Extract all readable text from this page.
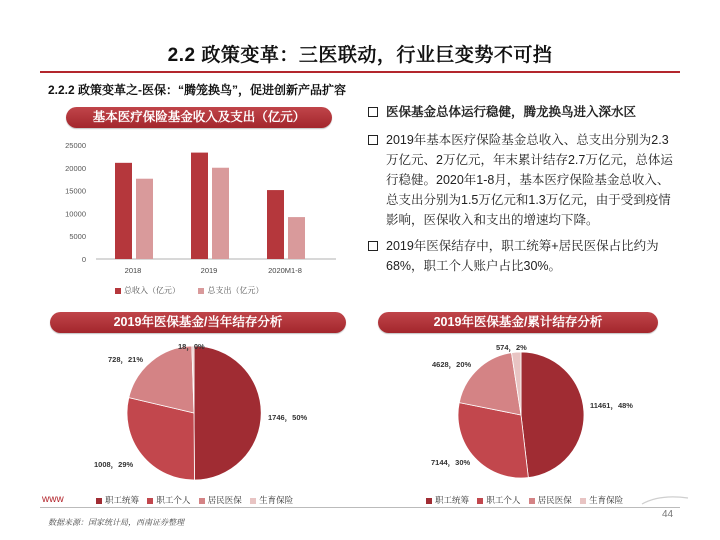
2.2 政策变革：三医联动，行业巨变势不可挡
2.2.2 政策变革之-医保：“腾笼换鸟”，促进创新产品扩容
基本医疗保险基金收入及支出（亿元）
25000
20000
15000
10000
5000
0
2018	2019	2020M1-8
总收入（亿元）	总支出（亿元）
医保基金总体运行稳健，腾龙换鸟进入深水区
2019年基本医疗保险基金总收入、总支出分别为2.3万亿元、2万亿元，年末累计结存2.7万亿元，总体运行稳健。2020年1-8月，基本医疗保险基金总收入、总支出分别为1.5万亿元和1.3万亿元，由于受到疫情影响，医保收入和支出的增速均下降。
2019年医保结存中，职工统筹+居民医保占比约为68%，职工个人账户占比30%。
2019年医保基金/当年结存分析	2019年医保基金/累计结存分析
1746，50%
1008，29%
728，21%
18，0%
11461，48%
7144，30%
4628，20%
574，2%
职工统筹 职工个人 居民医保 生育保险	职工统筹 职工个人 居民医保 生育保险
www
数据来源：国家统计局，西南证券整理
44
